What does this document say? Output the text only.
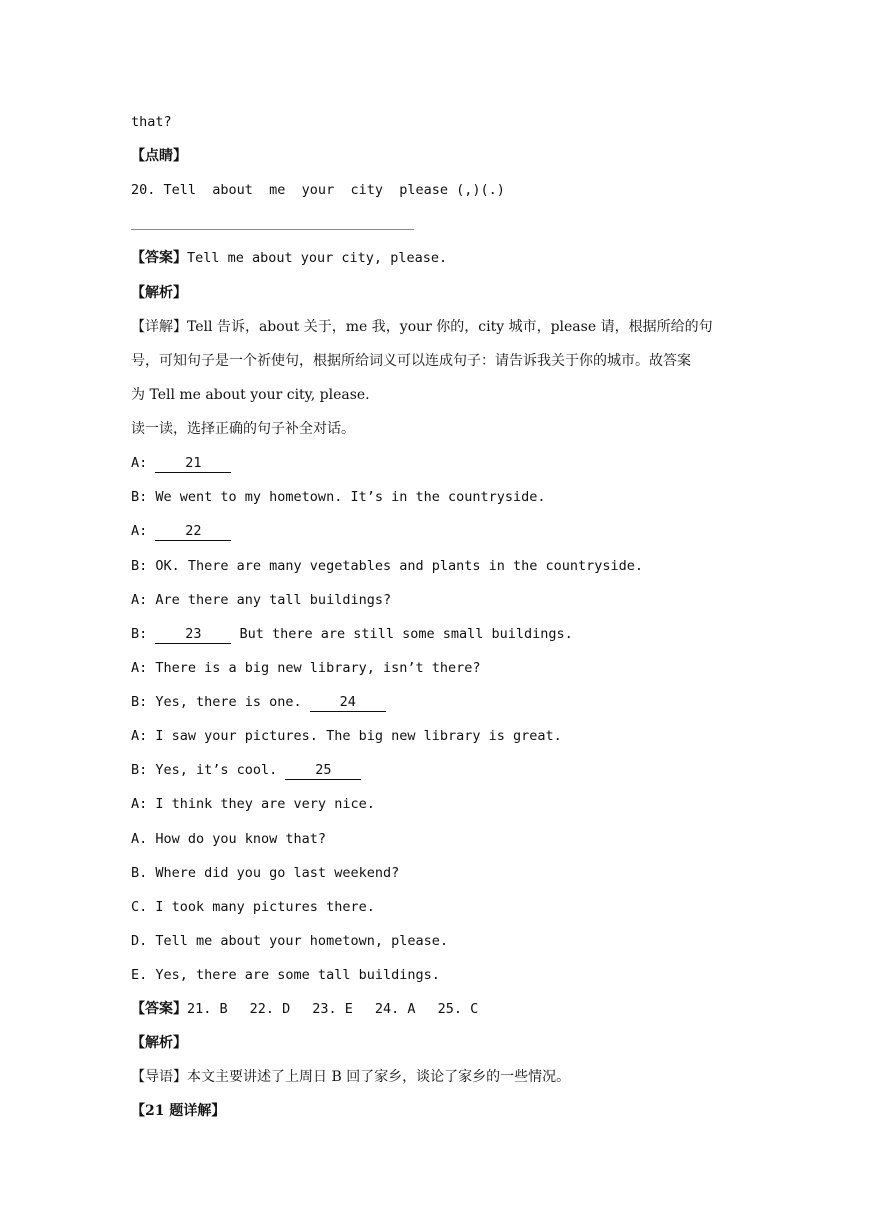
that?
【点睛】
20. Tell  about  me  your  city  please (,)(.)
【答案】Tell me about your city, please.
【解析】
【详解】Tell 告诉，about 关于，me 我，your 你的，city 城市，please 请，根据所给的句
号，可知句子是一个祈使句，根据所给词义可以连成句子：请告诉我关于你的城市。故答案
为 Tell me about your city, please.
读一读，选择正确的句子补全对话。
A: 21
B: We went to my hometown. It’s in the countryside.
A: 22
B: OK. There are many vegetables and plants in the countryside.
A: Are there any tall buildings?
B: 23 But there are still some small buildings.
A: There is a big new library, isn’t there?
B: Yes, there is one. 24
A: I saw your pictures. The big new library is great.
B: Yes, it’s cool. 25
A: I think they are very nice.
A. How do you know that?
B. Where did you go last weekend?
C. I took many pictures there.
D. Tell me about your hometown, please.
E. Yes, there are some tall buildings.
【答案】21. B 22. D 23. E 24. A 25. C
【解析】
【导语】本文主要讲述了上周日 B 回了家乡，谈论了家乡的一些情况。
【21 题详解】
